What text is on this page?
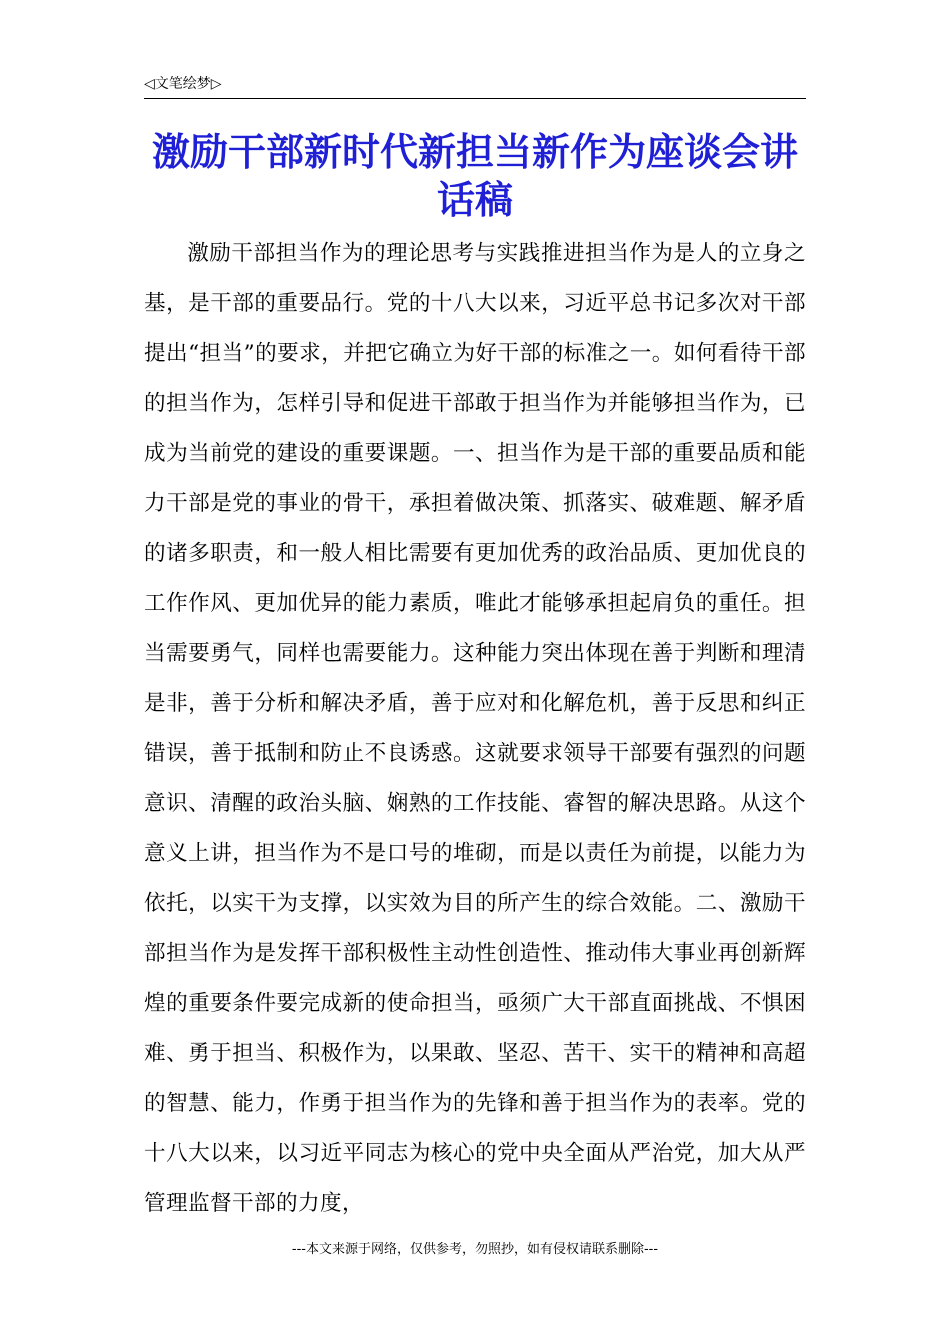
◁文笔绘梦▷
激励干部新时代新担当新作为座谈会讲话稿

激励干部担当作为的理论思考与实践推进担当作为是人的立身之基，是干部的重要品行。党的十八大以来，习近平总书记多次对干部提出“担当”的要求，并把它确立为好干部的标准之一。如何看待干部的担当作为，怎样引导和促进干部敢于担当作为并能够担当作为，已成为当前党的建设的重要课题。一、担当作为是干部的重要品质和能力干部是党的事业的骨干，承担着做决策、抓落实、破难题、解矛盾的诸多职责，和一般人相比需要有更加优秀的政治品质、更加优良的工作作风、更加优异的能力素质，唯此才能够承担起肩负的重任。担当需要勇气，同样也需要能力。这种能力突出体现在善于判断和理清是非，善于分析和解决矛盾，善于应对和化解危机，善于反思和纠正错误，善于抵制和防止不良诱惑。这就要求领导干部要有强烈的问题意识、清醒的政治头脑、娴熟的工作技能、睿智的解决思路。从这个意义上讲，担当作为不是口号的堆砌，而是以责任为前提，以能力为依托，以实干为支撑，以实效为目的所产生的综合效能。二、激励干部担当作为是发挥干部积极性主动性创造性、推动伟大事业再创新辉煌的重要条件要完成新的使命担当，亟须广大干部直面挑战、不惧困难、勇于担当、积极作为，以果敢、坚忍、苦干、实干的精神和高超的智慧、能力，作勇于担当作为的先锋和善于担当作为的表率。党的十八大以来，以习近平同志为核心的党中央全面从严治党，加大从严管理监督干部的力度，

---本文来源于网络，仅供参考，勿照抄，如有侵权请联系删除---
